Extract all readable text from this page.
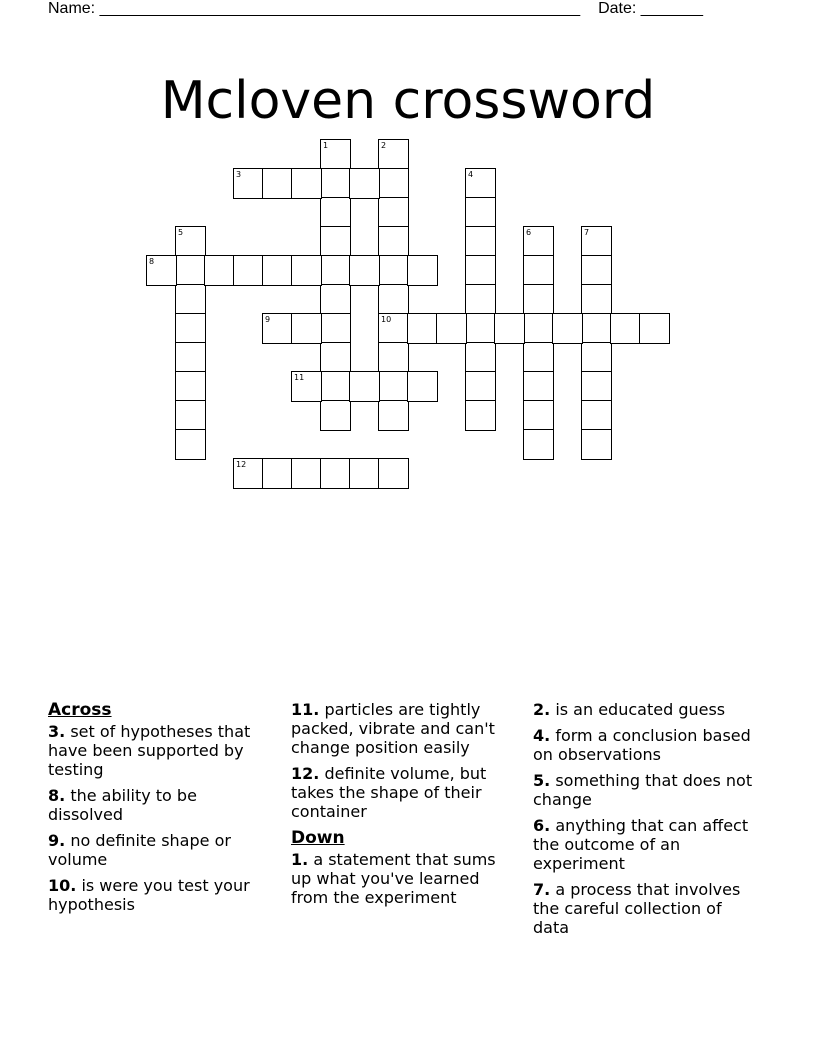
Name: ______________________________________________________ Date: _______
Mcloven crossword
1	2
10
3	4
5	6	7
8
9
11
12
Across
3. set of hypotheses that have been supported by testing
8. the ability to be dissolved
9. no definite shape or volume
10. is were you test your hypothesis
11. particles are tightly packed, vibrate and can't change position easily
12. definite volume, but takes the shape of their container
Down
1. a statement that sums up what you've learned from the experiment
2. is an educated guess
4. form a conclusion based on observations
5. something that does not change
6. anything that can affect the outcome of an experiment
7. a process that involves the careful collection of data
